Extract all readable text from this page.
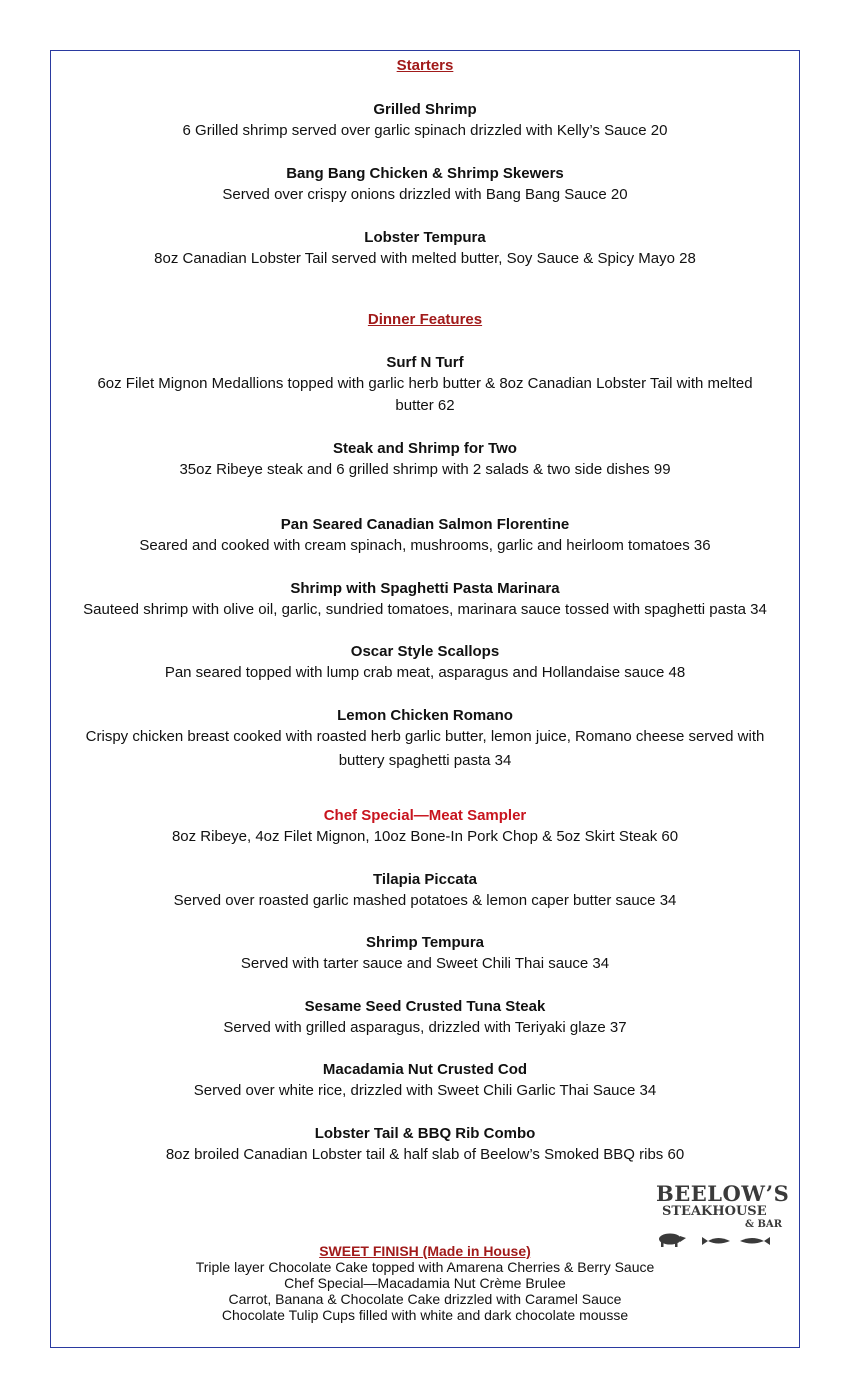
Starters
Grilled Shrimp
6 Grilled shrimp served over garlic spinach drizzled with Kelly’s Sauce 20
Bang Bang Chicken & Shrimp Skewers
Served over crispy onions drizzled with Bang Bang Sauce 20
Lobster Tempura
8oz Canadian Lobster Tail served with melted butter, Soy Sauce & Spicy Mayo 28
Dinner Features
Surf N Turf
6oz Filet Mignon Medallions topped with garlic herb butter & 8oz Canadian Lobster Tail with melted
butter 62
Steak and Shrimp for Two
35oz Ribeye steak and 6 grilled shrimp with 2 salads & two side dishes 99
Pan Seared Canadian Salmon Florentine
Seared and cooked with cream spinach, mushrooms, garlic and heirloom tomatoes 36
Shrimp with Spaghetti Pasta Marinara
Sauteed shrimp with olive oil, garlic, sundried tomatoes, marinara sauce tossed with spaghetti pasta 34
Oscar Style Scallops
Pan seared topped with lump crab meat, asparagus and Hollandaise sauce 48
Lemon Chicken Romano
Crispy chicken breast cooked with roasted herb garlic butter, lemon juice, Romano cheese served with
buttery spaghetti pasta 34
Chef Special—Meat Sampler
8oz Ribeye, 4oz Filet Mignon, 10oz Bone-In Pork Chop & 5oz Skirt Steak 60
Tilapia Piccata
Served over roasted garlic mashed potatoes & lemon caper butter sauce 34
Shrimp Tempura
Served with tarter sauce and Sweet Chili Thai sauce 34
Sesame Seed Crusted Tuna Steak
Served with grilled asparagus, drizzled with Teriyaki glaze 37
Macadamia Nut Crusted Cod
Served over white rice, drizzled with Sweet Chili Garlic Thai Sauce 34
Lobster Tail & BBQ Rib Combo
8oz broiled Canadian Lobster tail & half slab of Beelow’s Smoked BBQ ribs 60
BEELOW’S
STEAKHOUSE
& BAR
SWEET FINISH (Made in House)
Triple layer Chocolate Cake topped with Amarena Cherries & Berry Sauce
Chef Special—Macadamia Nut Crème Brulee
Carrot, Banana & Chocolate Cake drizzled with Caramel Sauce
Chocolate Tulip Cups filled with white and dark chocolate mousse
